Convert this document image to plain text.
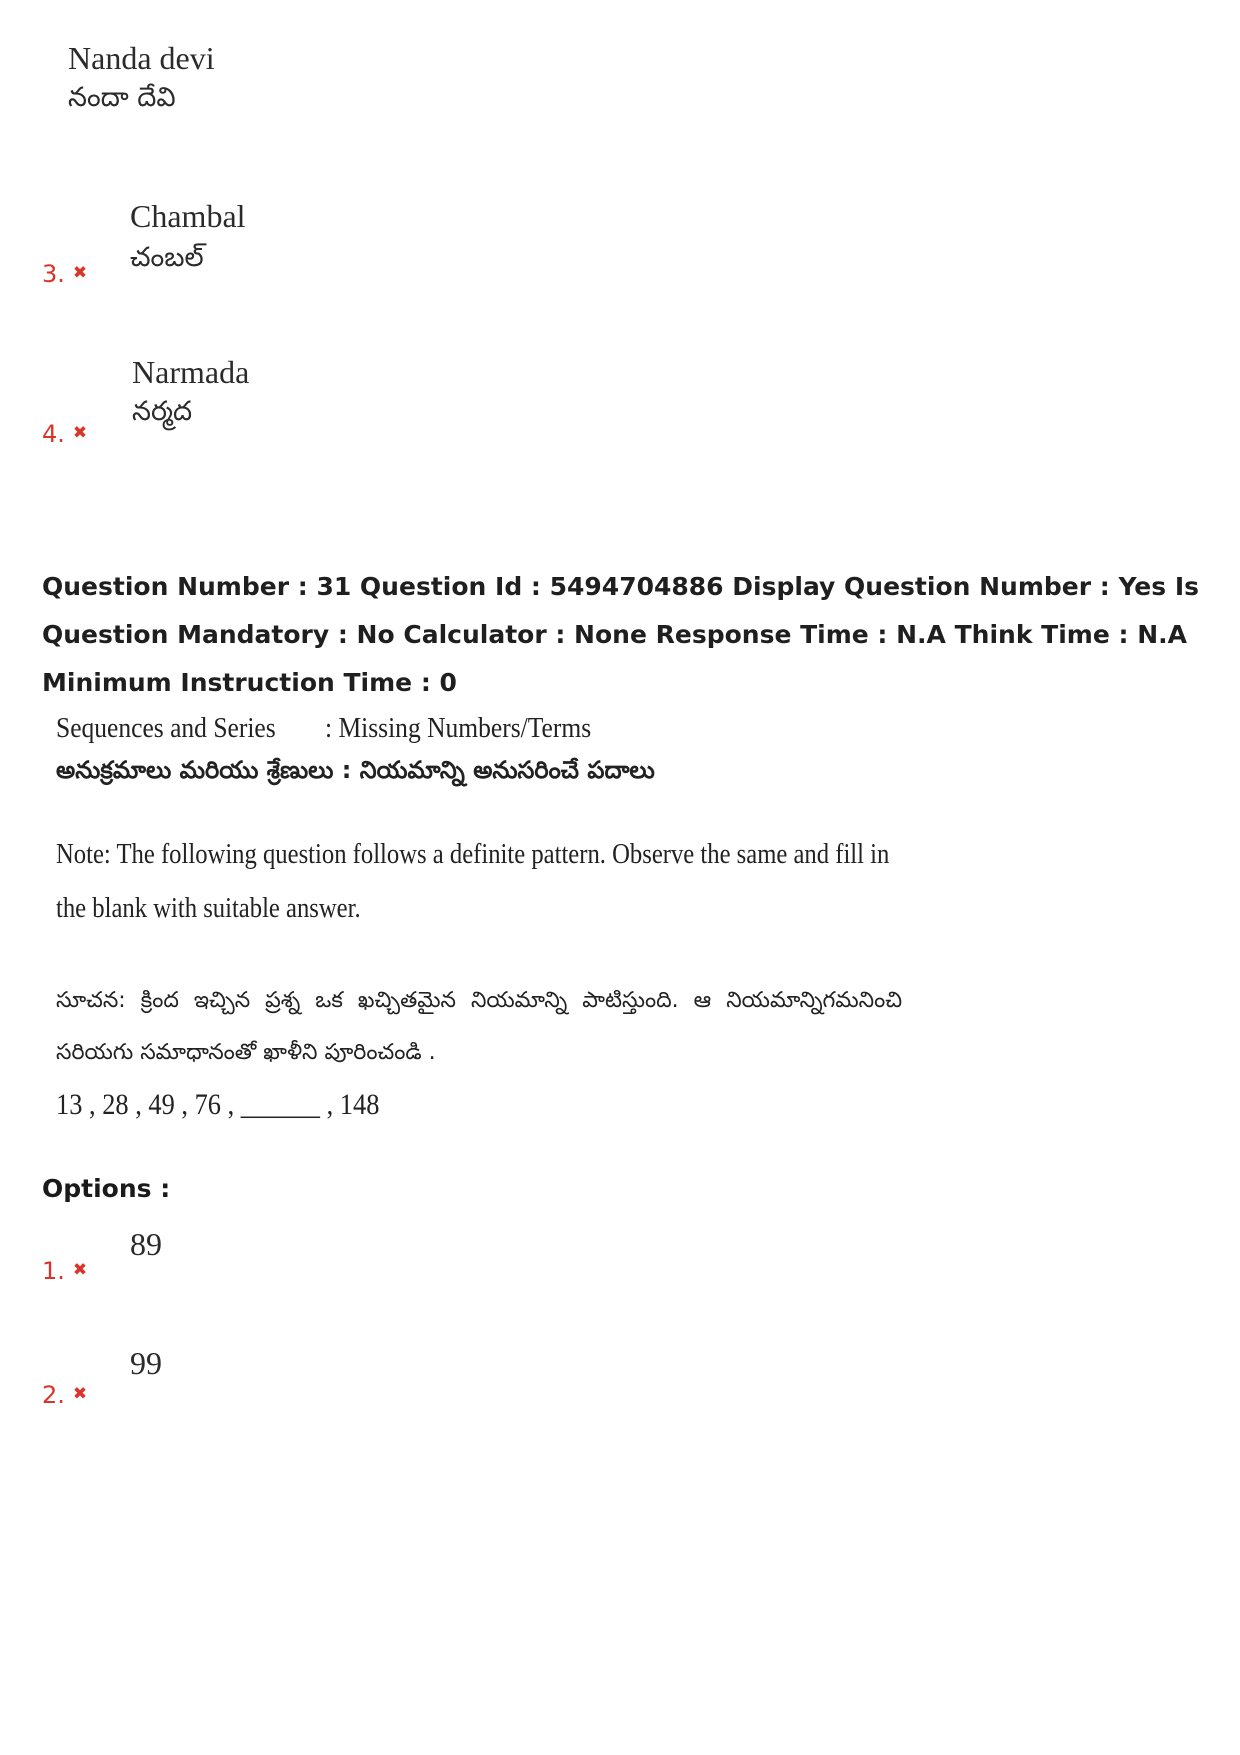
Nanda devi
నందా దేవి
Chambal
చంబల్
3. ✖
Narmada
నర్మద
4. ✖
Question Number : 31 Question Id : 5494704886 Display Question Number : Yes Is Question Mandatory : No Calculator : None Response Time : N.A Think Time : N.A Minimum Instruction Time : 0
Sequences and Series : Missing Numbers/Terms
అనుక్రమాలు మరియు శ్రేణులు : నియమాన్ని అనుసరించే పదాలు
Note: The following question follows a definite pattern. Observe the same and fill in
the blank with suitable answer.
సూచన: క్రింద ఇచ్చిన ప్రశ్న ఒక ఖచ్చితమైన నియమాన్ని పాటిస్తుంది. ఆ నియమాన్నిగమనించి
సరియగు సమాధానంతో ఖాళీని పూరించండి .
13 , 28 , 49 , 76 , ______ , 148
Options :
89
1. ✖
99
2. ✖
